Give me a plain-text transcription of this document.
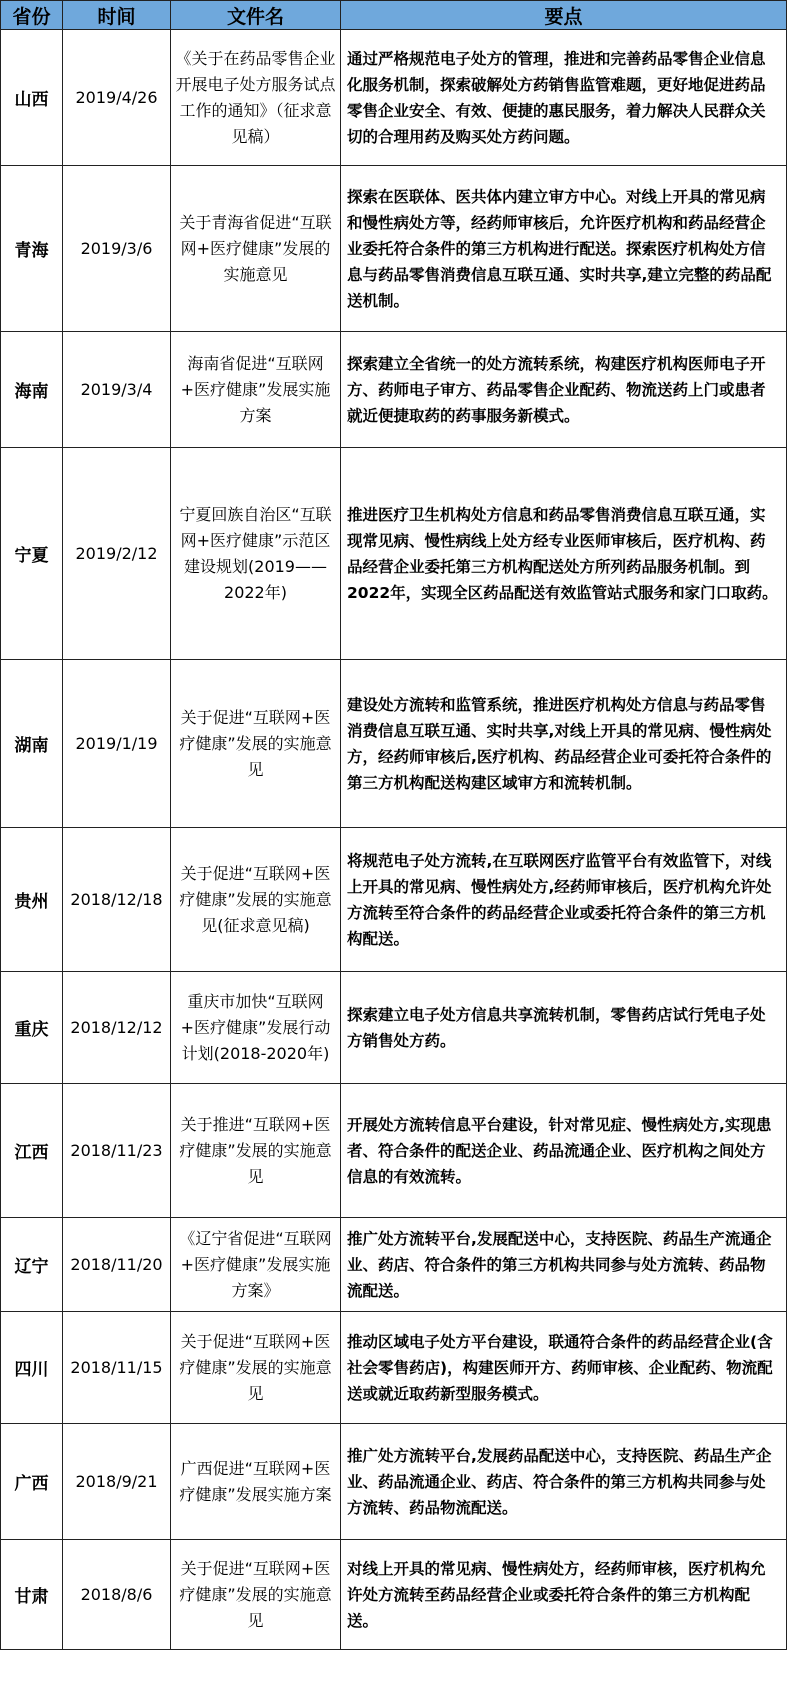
省份	时间	文件名	要点
山西	2019/4/26	《关于在药品零售企业开展电子处方服务试点工作的通知》（征求意见稿）	通过严格规范电子处方的管理，推进和完善药品零售企业信息化服务机制，探索破解处方药销售监管难题，更好地促进药品零售企业安全、有效、便捷的惠民服务，着力解决人民群众关切的合理用药及购买处方药问题。
青海	2019/3/6	关于青海省促进“互联网+医疗健康”发展的实施意见	探索在医联体、医共体内建立审方中心。对线上开具的常见病和慢性病处方等，经药师审核后，允许医疗机构和药品经营企业委托符合条件的第三方机构进行配送。探索医疗机构处方信息与药品零售消费信息互联互通、实时共享,建立完整的药品配送机制。
海南	2019/3/4	海南省促进“互联网+医疗健康”发展实施方案	探索建立全省统一的处方流转系统，构建医疗机构医师电子开方、药师电子审方、药品零售企业配药、物流送药上门或患者就近便捷取药的药事服务新模式。
宁夏	2019/2/12	宁夏回族自治区“互联网+医疗健康”示范区建设规划(2019——2022年)	推进医疗卫生机构处方信息和药品零售消费信息互联互通，实现常见病、慢性病线上处方经专业医师审核后，医疗机构、药品经营企业委托第三方机构配送处方所列药品服务机制。到2022年，实现全区药品配送有效监管站式服务和家门口取药。
湖南	2019/1/19	关于促进“互联网+医疗健康”发展的实施意见	建设处方流转和监管系统，推进医疗机构处方信息与药品零售消费信息互联互通、实时共享,对线上开具的常见病、慢性病处方，经药师审核后,医疗机构、药品经营企业可委托符合条件的第三方机构配送构建区域审方和流转机制。
贵州	2018/12/18	关于促进“互联网+医疗健康”发展的实施意见(征求意见稿)	将规范电子处方流转,在互联网医疗监管平台有效监管下，对线上开具的常见病、慢性病处方,经药师审核后，医疗机构允许处方流转至符合条件的药品经营企业或委托符合条件的第三方机构配送。
重庆	2018/12/12	重庆市加快“互联网+医疗健康”发展行动计划(2018-2020年)	探索建立电子处方信息共享流转机制，零售药店试行凭电子处方销售处方药。
江西	2018/11/23	关于推进“互联网+医疗健康”发展的实施意见	开展处方流转信息平台建设，针对常见症、慢性病处方,实现患者、符合条件的配送企业、药品流通企业、医疗机构之间处方信息的有效流转。
辽宁	2018/11/20	《辽宁省促进“互联网+医疗健康”发展实施方案》	推广处方流转平台,发展配送中心，支持医院、药品生产流通企业、药店、符合条件的第三方机构共同参与处方流转、药品物流配送。
四川	2018/11/15	关于促进“互联网+医疗健康”发展的实施意见	推动区域电子处方平台建设，联通符合条件的药品经营企业(含社会零售药店)，构建医师开方、药师审核、企业配药、物流配送或就近取药新型服务模式。
广西	2018/9/21	广西促进“互联网+医疗健康”发展实施方案	推广处方流转平台,发展药品配送中心，支持医院、药品生产企业、药品流通企业、药店、符合条件的第三方机构共同参与处方流转、药品物流配送。
甘肃	2018/8/6	关于促进“互联网+医疗健康”发展的实施意见	对线上开具的常见病、慢性病处方，经药师审核，医疗机构允许处方流转至药品经营企业或委托符合条件的第三方机构配送。
